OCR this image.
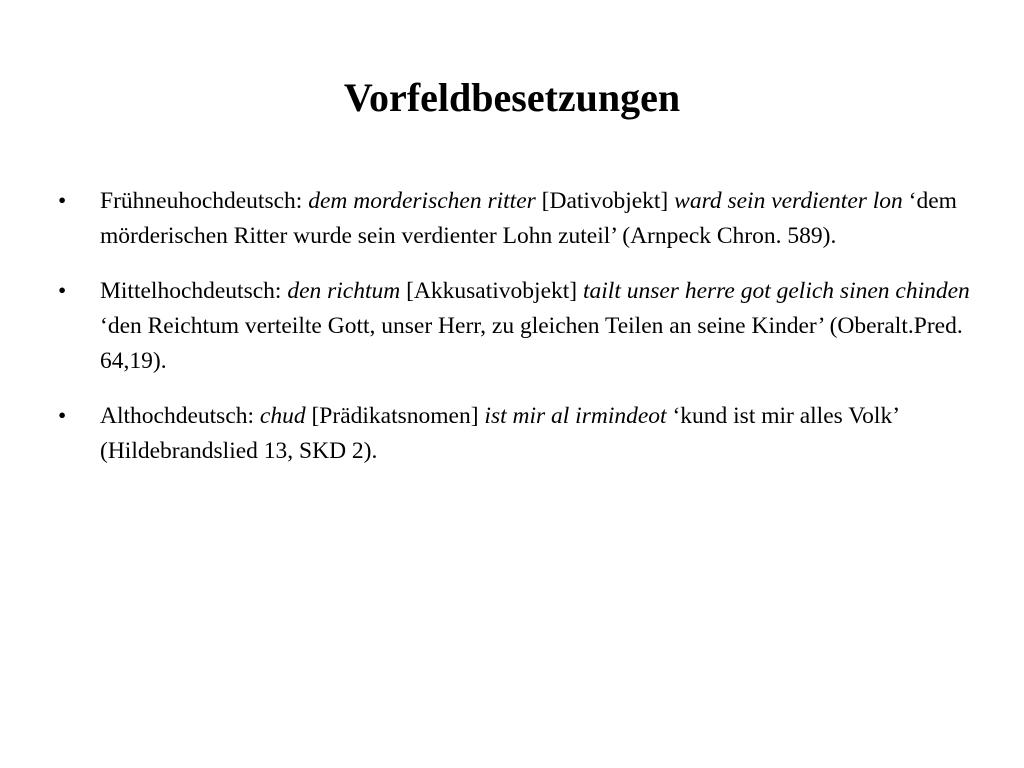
Vorfeldbesetzungen
•	Frühneuhochdeutsch: dem morderischen ritter [Dativobjekt] ward sein verdienter lon ‘dem mörderischen Ritter wurde sein verdienter Lohn zuteil’ (Arnpeck Chron. 589).
•	Mittelhochdeutsch: den richtum [Akkusativobjekt] tailt unser herre got gelich sinen chinden ‘den Reichtum verteilte Gott, unser Herr, zu gleichen Teilen an seine Kinder’ (Oberalt.Pred. 64,19).
•	Althochdeutsch: chud [Prädikatsnomen] ist mir al irmindeot ‘kund ist mir alles Volk’ (Hildebrandslied 13, SKD 2).
